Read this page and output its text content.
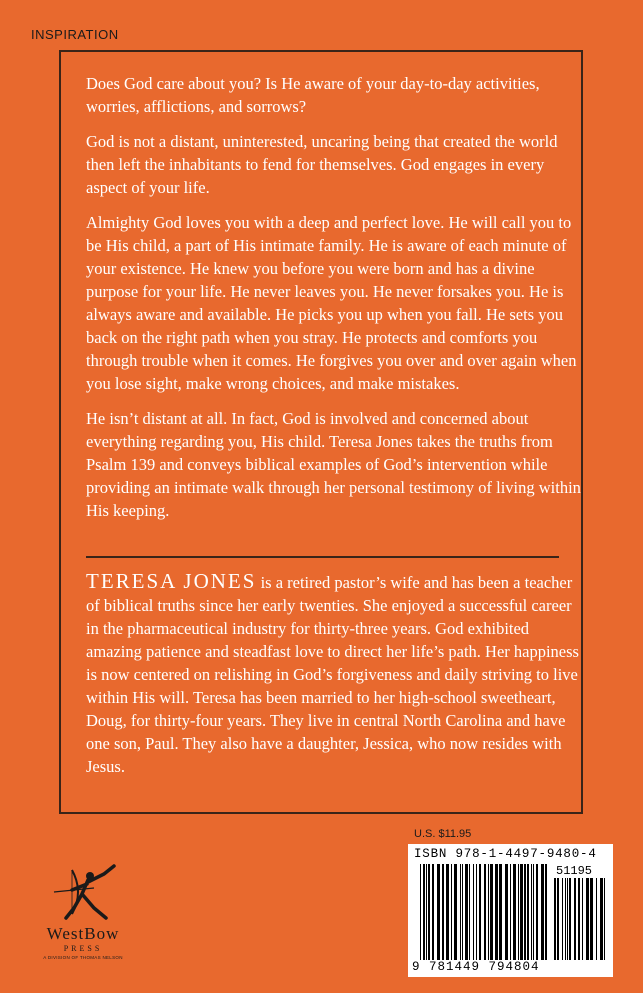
INSPIRATION

Does God care about you? Is He aware of your day-to-day activities, worries, afflictions, and sorrows?

God is not a distant, uninterested, uncaring being that created the world then left the inhabitants to fend for themselves. God engages in every aspect of your life.

Almighty God loves you with a deep and perfect love. He will call you to be His child, a part of His intimate family. He is aware of each minute of your existence. He knew you before you were born and has a divine purpose for your life. He never leaves you. He never forsakes you. He is always aware and available. He picks you up when you fall. He sets you back on the right path when you stray. He protects and comforts you through trouble when it comes. He forgives you over and over again when you lose sight, make wrong choices, and make mistakes.

He isn’t distant at all. In fact, God is involved and concerned about everything regarding you, His child. Teresa Jones takes the truths from Psalm 139 and conveys biblical examples of God’s intervention while providing an intimate walk through her personal testimony of living within His keeping.

TERESA JONES is a retired pastor’s wife and has been a teacher of biblical truths since her early twenties. She enjoyed a successful career in the pharmaceutical industry for thirty-three years. God exhibited amazing patience and steadfast love to direct her life’s path. Her happiness is now centered on relishing in God’s forgiveness and daily striving to live within His will. Teresa has been married to her high-school sweetheart, Doug, for thirty-four years. They live in central North Carolina and have one son, Paul. They also have a daughter, Jessica, who now resides with Jesus.

WestBow
PRESS
A DIVISION OF THOMAS NELSON
U.S. $11.95
ISBN 978-1-4497-9480-4
51195
9 781449 794804
